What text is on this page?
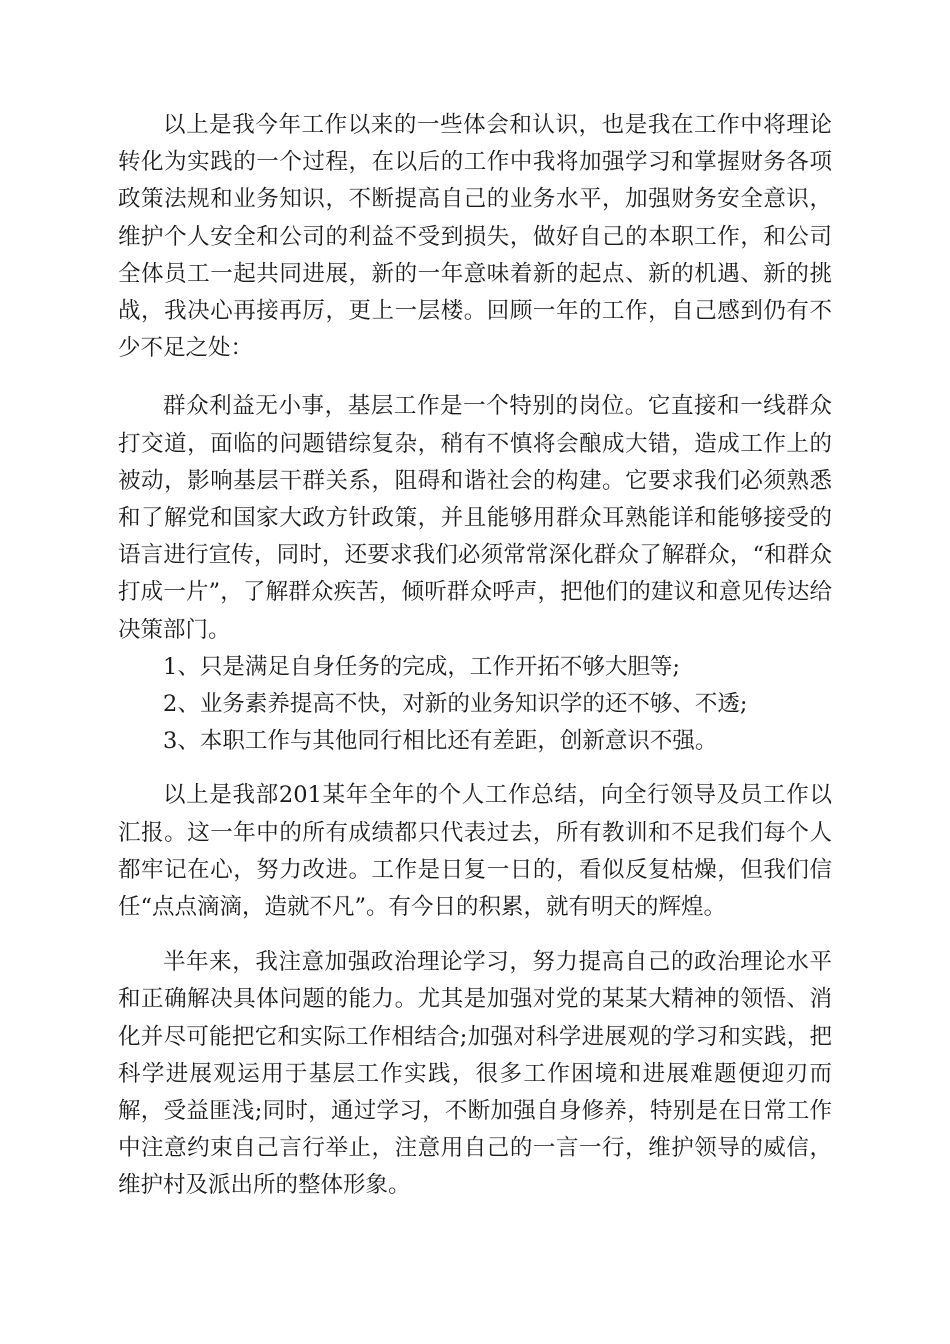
以上是我今年工作以来的一些体会和认识，也是我在工作中将理论转化为实践的一个过程，在以后的工作中我将加强学习和掌握财务各项政策法规和业务知识，不断提高自己的业务水平，加强财务安全意识，维护个人安全和公司的利益不受到损失，做好自己的本职工作，和公司全体员工一起共同进展，新的一年意味着新的起点、新的机遇、新的挑战，我决心再接再厉，更上一层楼。回顾一年的工作，自己感到仍有不少不足之处：

群众利益无小事，基层工作是一个特别的岗位。它直接和一线群众打交道，面临的问题错综复杂，稍有不慎将会酿成大错，造成工作上的被动，影响基层干群关系，阻碍和谐社会的构建。它要求我们必须熟悉和了解党和国家大政方针政策，并且能够用群众耳熟能详和能够接受的语言进行宣传，同时，还要求我们必须常常深化群众了解群众，“和群众打成一片”，了解群众疾苦，倾听群众呼声，把他们的建议和意见传达给决策部门。

1、只是满足自身任务的完成，工作开拓不够大胆等;

2、业务素养提高不快，对新的业务知识学的还不够、不透;

3、本职工作与其他同行相比还有差距，创新意识不强。

以上是我部201某年全年的个人工作总结，向全行领导及员工作以汇报。这一年中的所有成绩都只代表过去，所有教训和不足我们每个人都牢记在心，努力改进。工作是日复一日的，看似反复枯燥，但我们信任“点点滴滴，造就不凡”。有今日的积累，就有明天的辉煌。

半年来，我注意加强政治理论学习，努力提高自己的政治理论水平和正确解决具体问题的能力。尤其是加强对党的某某大精神的领悟、消化并尽可能把它和实际工作相结合;加强对科学进展观的学习和实践，把科学进展观运用于基层工作实践，很多工作困境和进展难题便迎刃而解，受益匪浅;同时，通过学习，不断加强自身修养，特别是在日常工作中注意约束自己言行举止，注意用自己的一言一行，维护领导的威信，维护村及派出所的整体形象。
